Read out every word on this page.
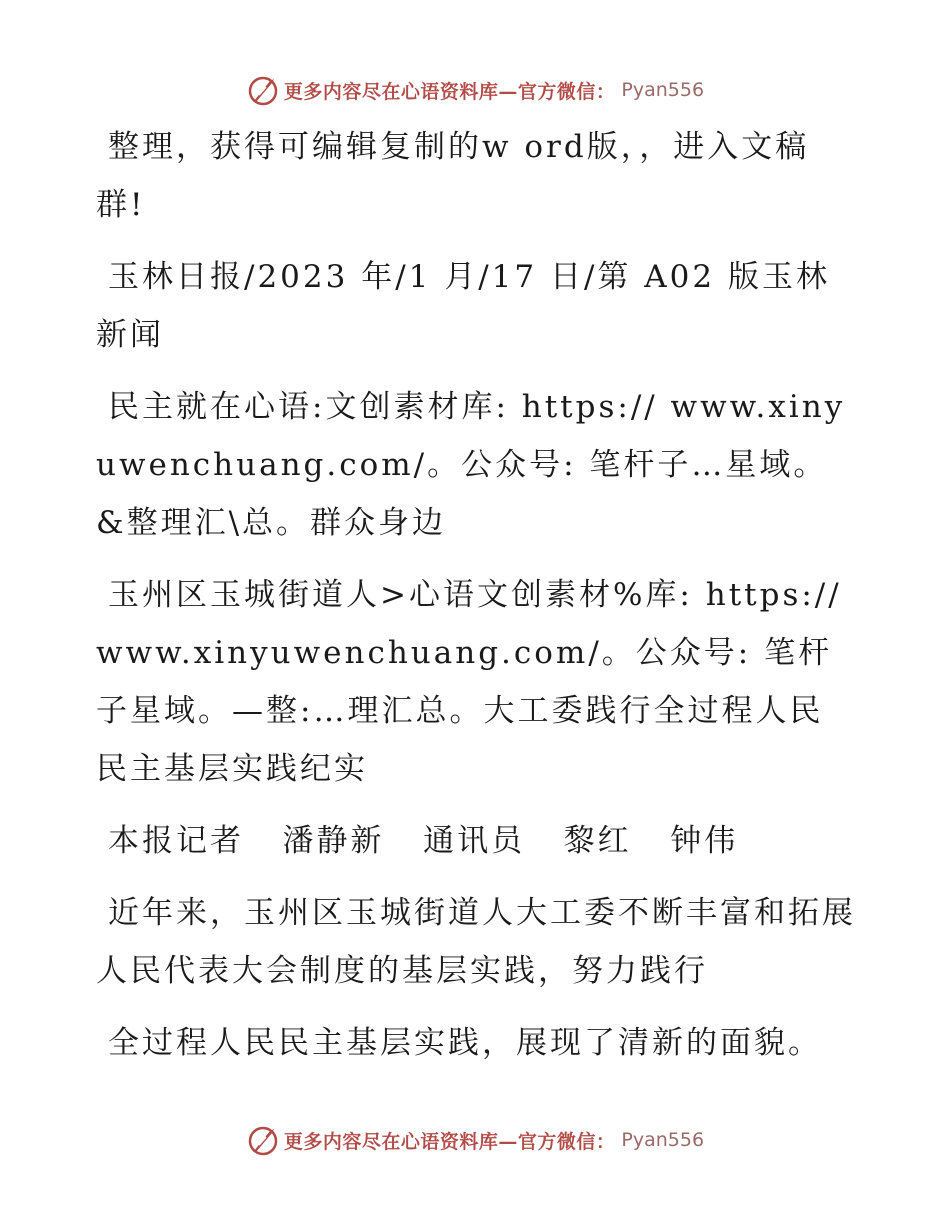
更多内容尽在心语资料库—官方微信： Pyan556

整理，获得可编辑复制的w ord版，，进入文稿群!

玉林日报/2023 年/1 月/17 日/第 A02 版玉林新闻

民主就在心语:文创素材库: https:// www.xinyuwenchuang.com/。公众号: 笔杆子…星域。&整理汇\总。群众身边

玉州区玉城街道人>心语文创素材%库: https:// www.xinyuwenchuang.com/。公众号: 笔杆子星域。—整:…理汇总。大工委践行全过程人民民主基层实践纪实

本报记者   潘静新   通讯员   黎红   钟伟

近年来，玉州区玉城街道人大工委不断丰富和拓展人民代表大会制度的基层实践，努力践行

全过程人民民主基层实践，展现了清新的面貌。

更多内容尽在心语资料库—官方微信： Pyan556
